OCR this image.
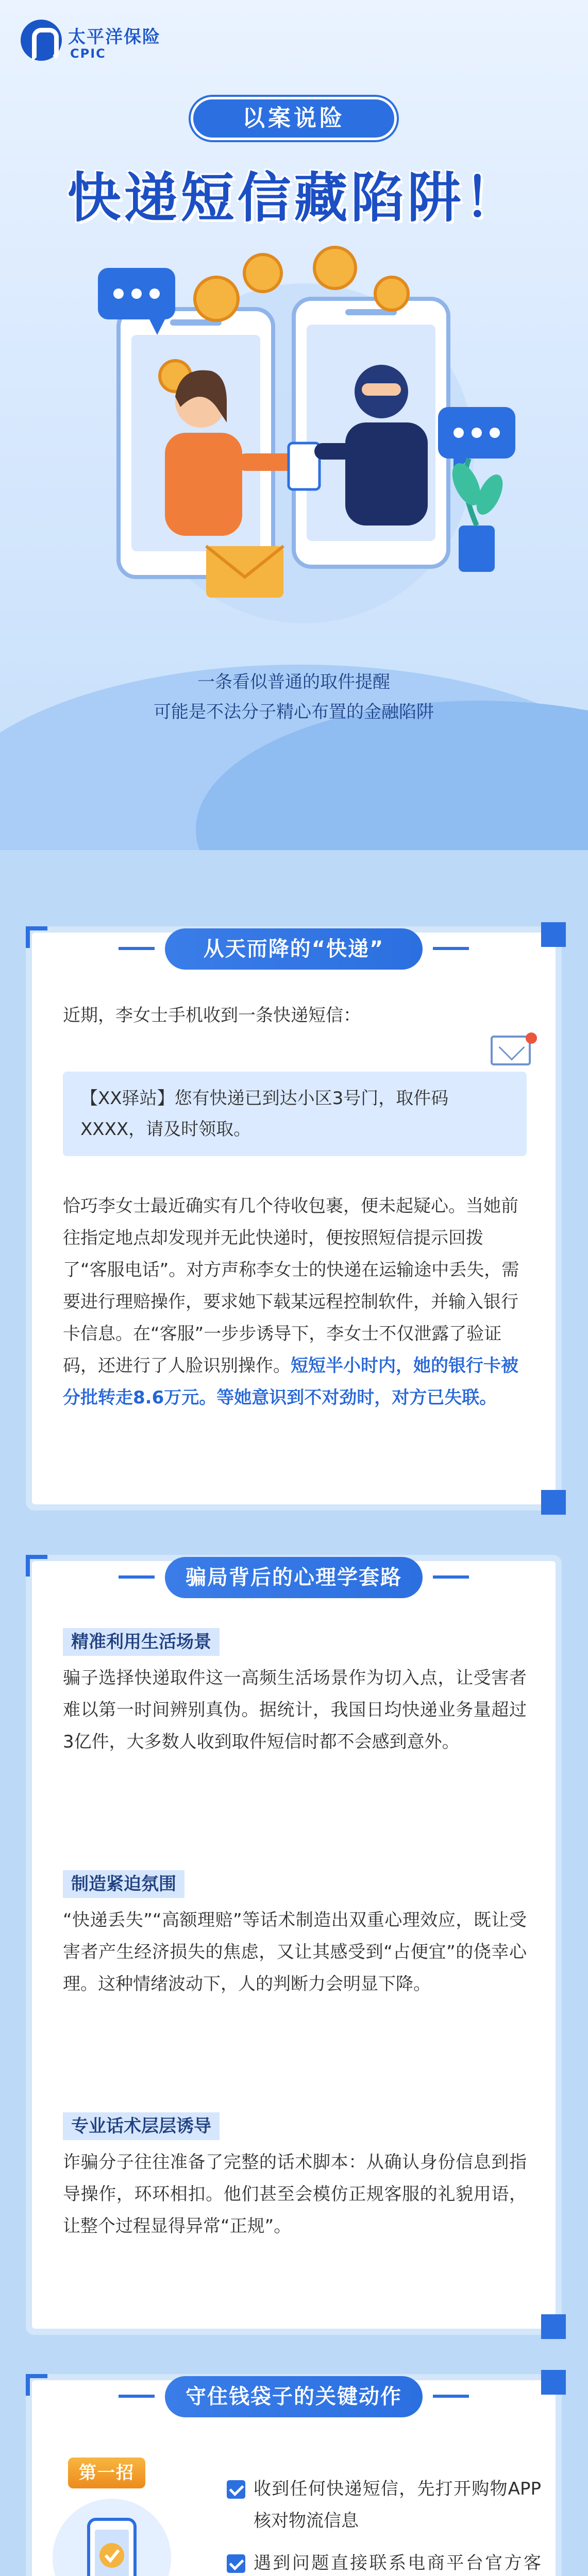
太平洋保险
CPIC
以案说险
快递短信藏陷阱！
一条看似普通的取件提醒
可能是不法分子精心布置的金融陷阱
从天而降的“快递”
近期，李女士手机收到一条快递短信：
【XX驿站】您有快递已到达小区3号门，取件码XXXX，请及时领取。
恰巧李女士最近确实有几个待收包裹，便未起疑心。当她前往指定地点却发现并无此快递时，便按照短信提示回拨了“客服电话”。对方声称李女士的快递在运输途中丢失，需要进行理赔操作，要求她下载某远程控制软件，并输入银行卡信息。在“客服”一步步诱导下，李女士不仅泄露了验证码，还进行了人脸识别操作。短短半小时内，她的银行卡被分批转走8.6万元。等她意识到不对劲时，对方已失联。
骗局背后的心理学套路
精准利用生活场景
骗子选择快递取件这一高频生活场景作为切入点，让受害者难以第一时间辨别真伪。据统计，我国日均快递业务量超过3亿件，大多数人收到取件短信时都不会感到意外。
制造紧迫氛围
“快递丢失”“高额理赔”等话术制造出双重心理效应，既让受害者产生经济损失的焦虑，又让其感受到“占便宜”的侥幸心理。这种情绪波动下，人的判断力会明显下降。
专业话术层层诱导
诈骗分子往往准备了完整的话术脚本：从确认身份信息到指导操作，环环相扣。他们甚至会模仿正规客服的礼貌用语，让整个过程显得异常“正规”。
守住钱袋子的关键动作
第一招
收到任何快递短信，先打开购物APP核对物流信息
遇到问题直接联系电商平台官方客
